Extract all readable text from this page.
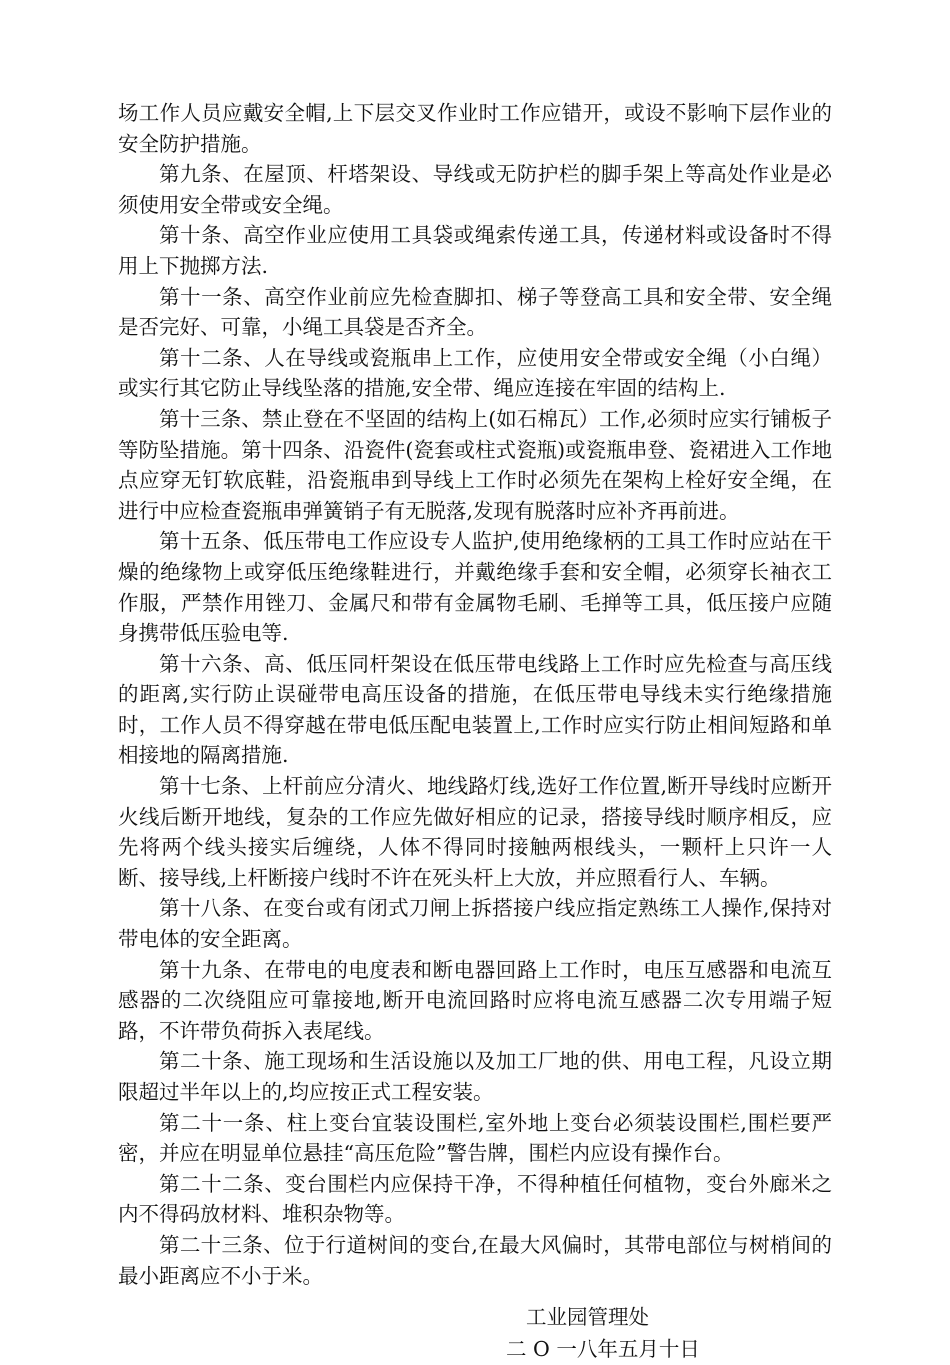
场工作人员应戴安全帽,上下层交叉作业时工作应错开，或设不影响下层作业的安全防护措施。

第九条、在屋顶、杆塔架设、导线或无防护栏的脚手架上等高处作业是必须使用安全带或安全绳。

第十条、高空作业应使用工具袋或绳索传递工具，传递材料或设备时不得用上下抛掷方法.

第十一条、高空作业前应先检查脚扣、梯子等登高工具和安全带、安全绳是否完好、可靠，小绳工具袋是否齐全。

第十二条、人在导线或瓷瓶串上工作，应使用安全带或安全绳（小白绳）或实行其它防止导线坠落的措施,安全带、绳应连接在牢固的结构上.

第十三条、禁止登在不坚固的结构上(如石棉瓦）工作,必须时应实行铺板子等防坠措施。第十四条、沿瓷件(瓷套或柱式瓷瓶)或瓷瓶串登、瓷裙进入工作地点应穿无钉软底鞋，沿瓷瓶串到导线上工作时必须先在架构上栓好安全绳，在进行中应检查瓷瓶串弹簧销子有无脱落,发现有脱落时应补齐再前进。

第十五条、低压带电工作应设专人监护,使用绝缘柄的工具工作时应站在干燥的绝缘物上或穿低压绝缘鞋进行，并戴绝缘手套和安全帽，必须穿长袖衣工作服，严禁作用锉刀、金属尺和带有金属物毛刷、毛掸等工具，低压接户应随身携带低压验电等.

第十六条、高、低压同杆架设在低压带电线路上工作时应先检查与高压线的距离,实行防止误碰带电高压设备的措施，在低压带电导线未实行绝缘措施时，工作人员不得穿越在带电低压配电装置上,工作时应实行防止相间短路和单相接地的隔离措施.

第十七条、上杆前应分清火、地线路灯线,选好工作位置,断开导线时应断开火线后断开地线，复杂的工作应先做好相应的记录，搭接导线时顺序相反，应先将两个线头接实后缠绕，人体不得同时接触两根线头，一颗杆上只许一人断、接导线,上杆断接户线时不许在死头杆上大放，并应照看行人、车辆。

第十八条、在变台或有闭式刀闸上拆搭接户线应指定熟练工人操作,保持对带电体的安全距离。

第十九条、在带电的电度表和断电器回路上工作时，电压互感器和电流互感器的二次绕阻应可靠接地,断开电流回路时应将电流互感器二次专用端子短路，不许带负荷拆入表尾线。

第二十条、施工现场和生活设施以及加工厂地的供、用电工程，凡设立期限超过半年以上的,均应按正式工程安装。

第二十一条、柱上变台宜装设围栏,室外地上变台必须装设围栏,围栏要严密，并应在明显单位悬挂“高压危险”警告牌，围栏内应设有操作台。

第二十二条、变台围栏内应保持干净，不得种植任何植物，变台外廊米之内不得码放材料、堆积杂物等。

第二十三条、位于行道树间的变台,在最大风偏时，其带电部位与树梢间的最小距离应不小于米。

工业园管理处
二 O 一八年五月十日
